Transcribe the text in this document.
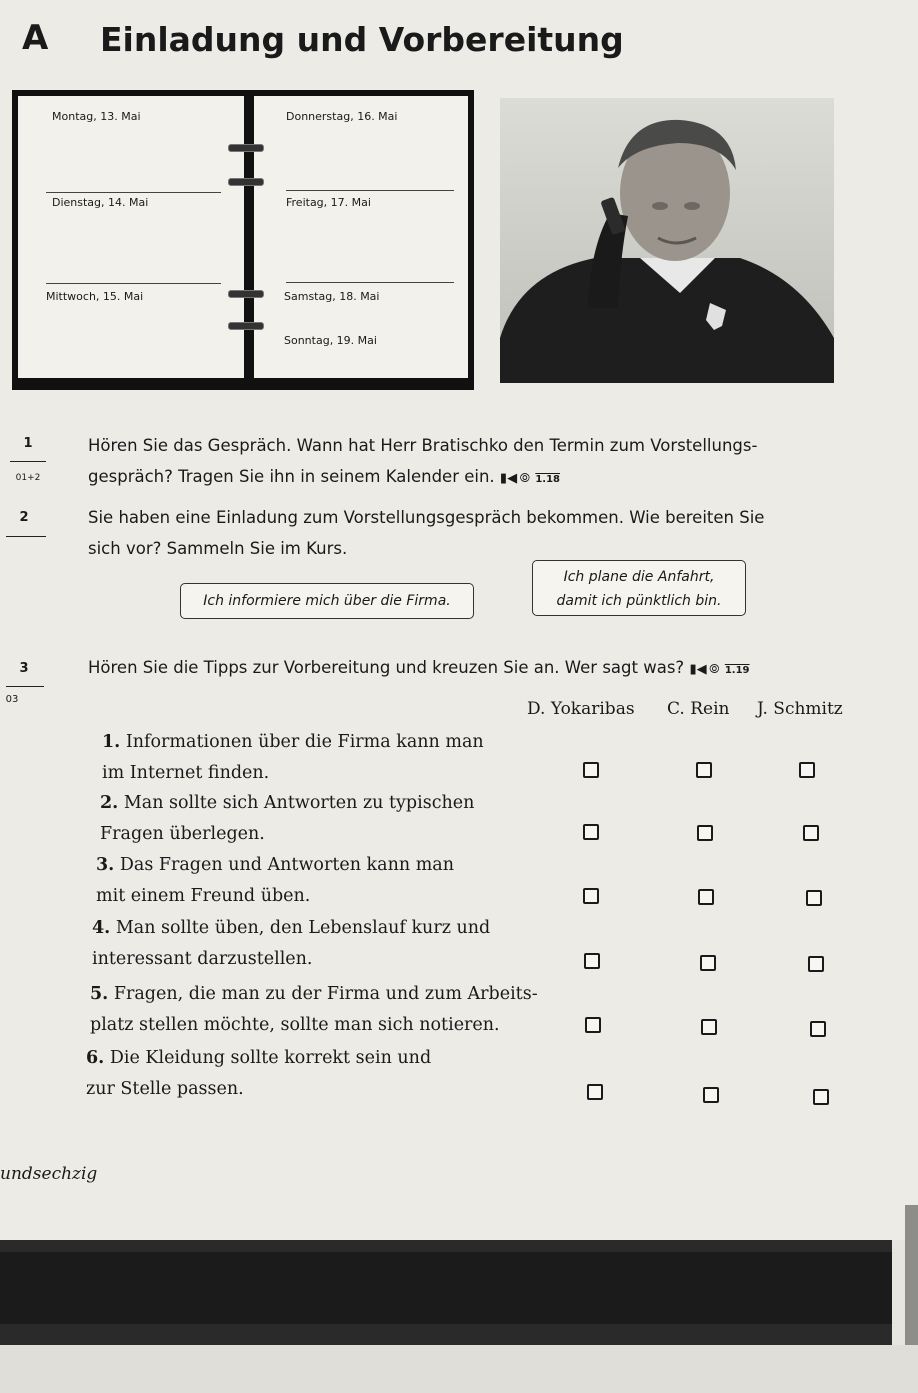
A Einladung und Vorbereitung
Montag, 13. Mai
Dienstag, 14. Mai
Mittwoch, 15. Mai
Donnerstag, 16. Mai
Freitag, 17. Mai
Samstag, 18. Mai
Sonntag, 19. Mai
1
01+2
Hören Sie das Gespräch. Wann hat Herr Bratischko den Termin zum Vorstellungs-
gespräch? Tragen Sie ihn in seinem Kalender ein. ▮◀ ⦾ 1.18
2	Sie haben eine Einladung zum Vorstellungsgespräch bekommen. Wie bereiten Sie
sich vor? Sammeln Sie im Kurs.
Ich informiere mich über die Firma.
Ich plane die Anfahrt,
damit ich pünktlich bin.
3
03
Hören Sie die Tipps zur Vorbereitung und kreuzen Sie an. Wer sagt was? ▮◀ ⦾ 1.19
D. Yokaribas C. Rein J. Schmitz
1. Informationen über die Firma kann man
im Internet finden.
2. Man sollte sich Antworten zu typischen
Fragen überlegen.
3. Das Fragen und Antworten kann man
mit einem Freund üben.
4. Man sollte üben, den Lebenslauf kurz und
interessant darzustellen.
5. Fragen, die man zu der Firma und zum Arbeits-
platz stellen möchte, sollte man sich notieren.
6. Die Kleidung sollte korrekt sein und
zur Stelle passen.
undsechzig
